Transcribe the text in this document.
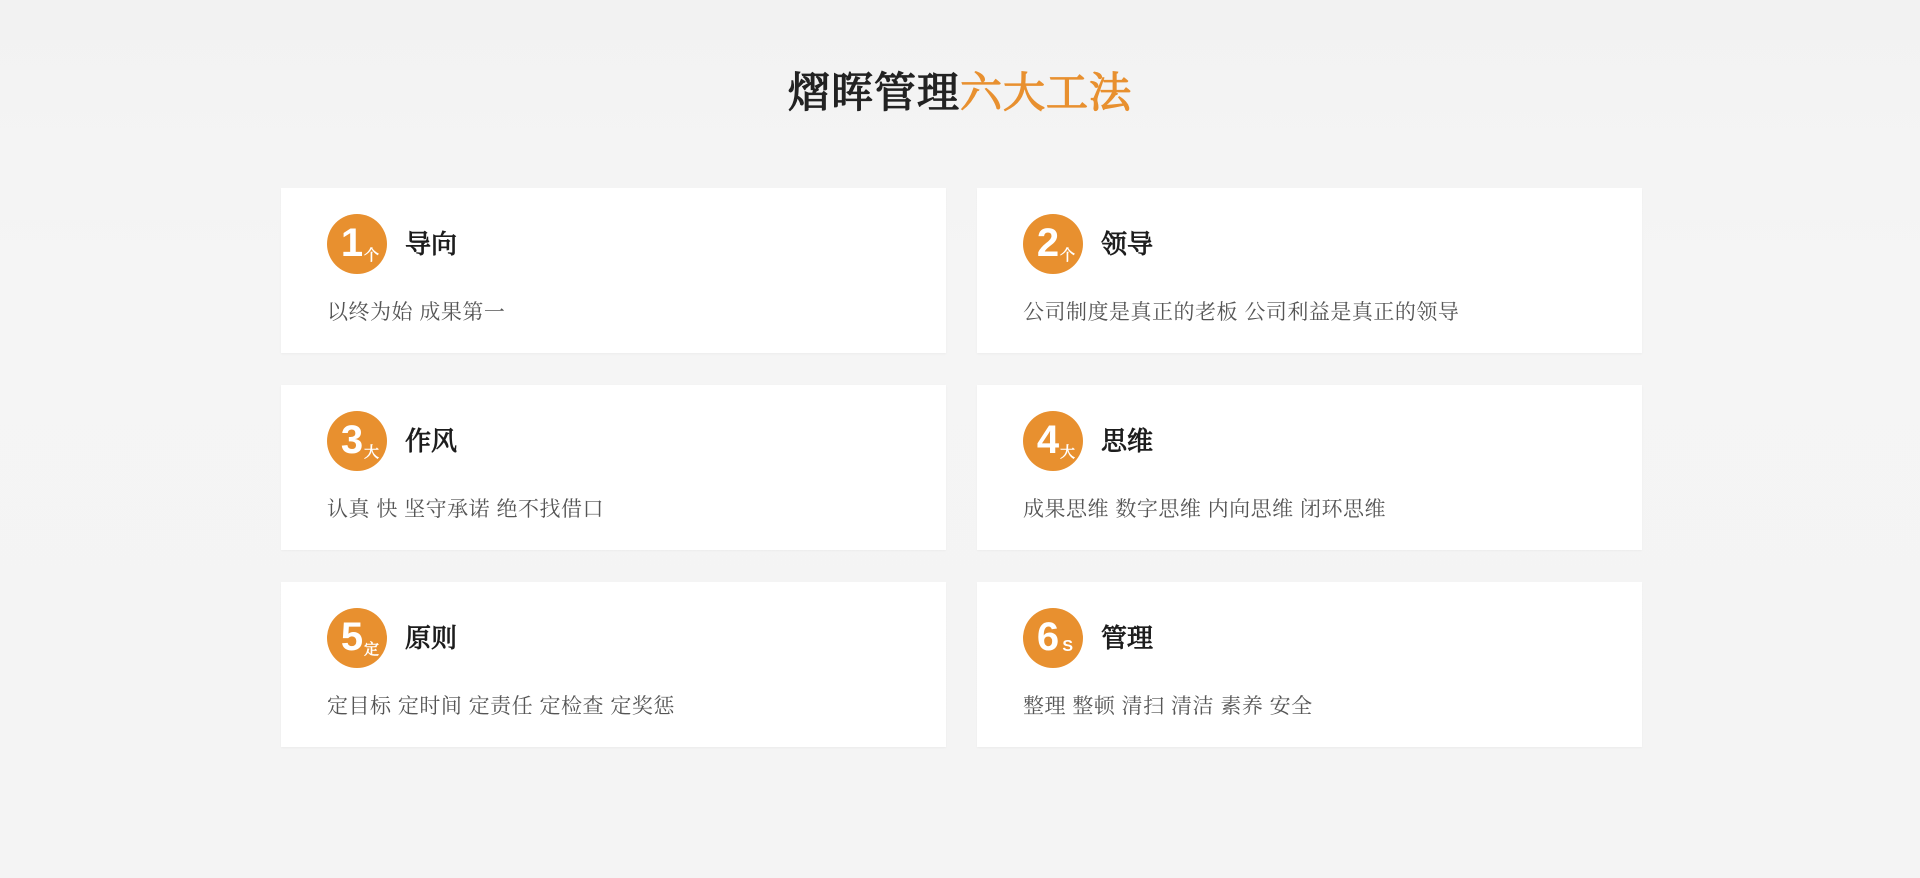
熠晖管理六大工法
1 个 导向
以终为始 成果第一
2 个 领导
公司制度是真正的老板 公司利益是真正的领导
3 大 作风
认真 快 坚守承诺 绝不找借口
4 大 思维
成果思维 数字思维 内向思维 闭环思维
5 定 原则
定目标 定时间 定责任 定检查 定奖惩
6 S 管理
整理 整顿 清扫 清洁 素养 安全
